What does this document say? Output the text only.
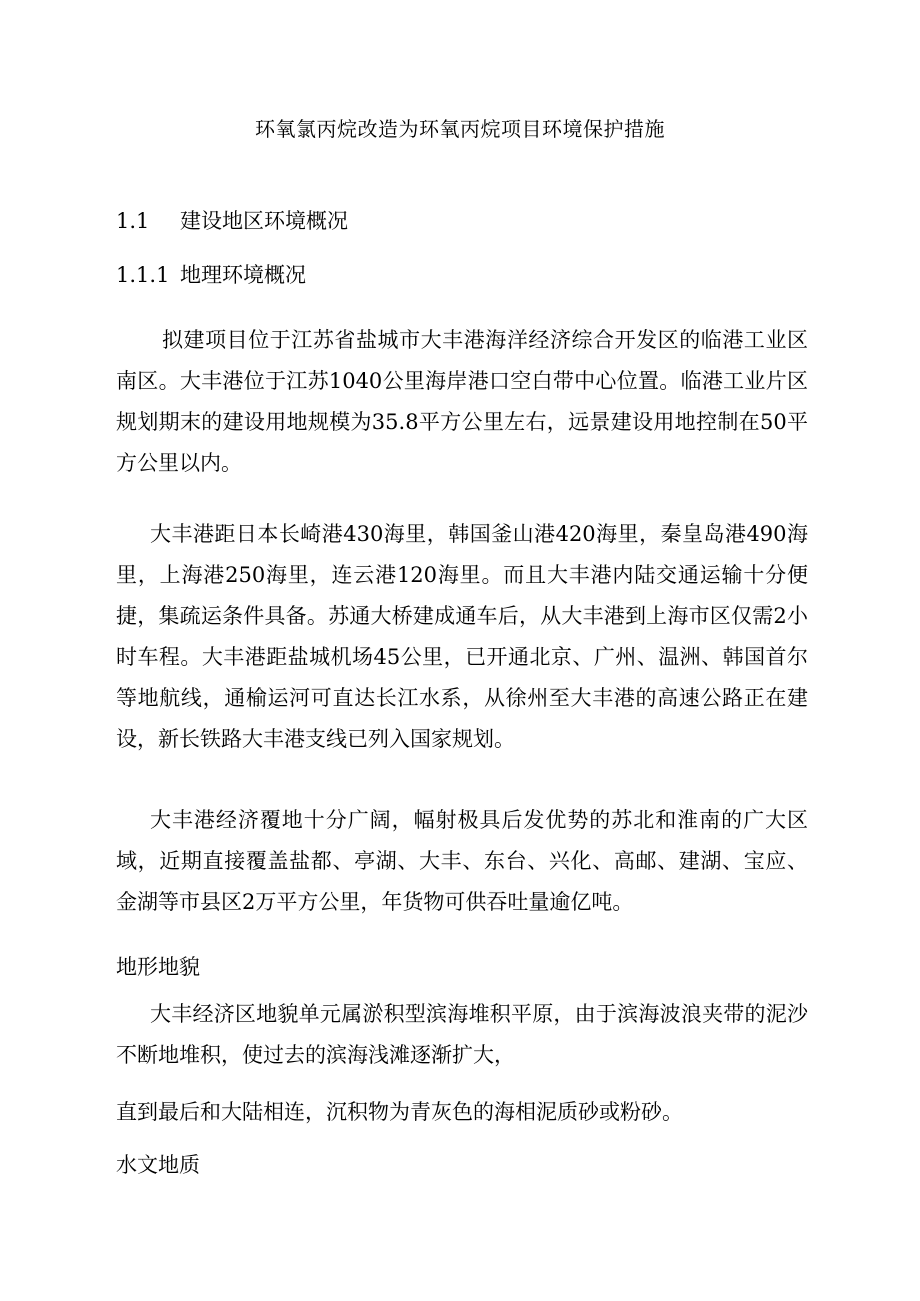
环氧氯丙烷改造为环氧丙烷项目环境保护措施
1.1 建设地区环境概况
1.1.1 地理环境概况

拟建项目位于江苏省盐城市大丰港海洋经济综合开发区的临港工业区南区。大丰港位于江苏1040公里海岸港口空白带中心位置。临港工业片区规划期末的建设用地规模为35.8平方公里左右，远景建设用地控制在50平方公里以内。

大丰港距日本长崎港430海里，韩国釜山港420海里，秦皇岛港490海里，上海港250海里，连云港120海里。而且大丰港内陆交通运输十分便捷，集疏运条件具备。苏通大桥建成通车后，从大丰港到上海市区仅需2小时车程。大丰港距盐城机场45公里，已开通北京、广州、温洲、韩国首尔等地航线，通榆运河可直达长江水系，从徐州至大丰港的高速公路正在建设，新长铁路大丰港支线已列入国家规划。

大丰港经济覆地十分广阔，幅射极具后发优势的苏北和淮南的广大区域，近期直接覆盖盐都、亭湖、大丰、东台、兴化、高邮、建湖、宝应、金湖等市县区2万平方公里，年货物可供吞吐量逾亿吨。

地形地貌

大丰经济区地貌单元属淤积型滨海堆积平原，由于滨海波浪夹带的泥沙不断地堆积，使过去的滨海浅滩逐渐扩大，

直到最后和大陆相连，沉积物为青灰色的海相泥质砂或粉砂。
水文地质
